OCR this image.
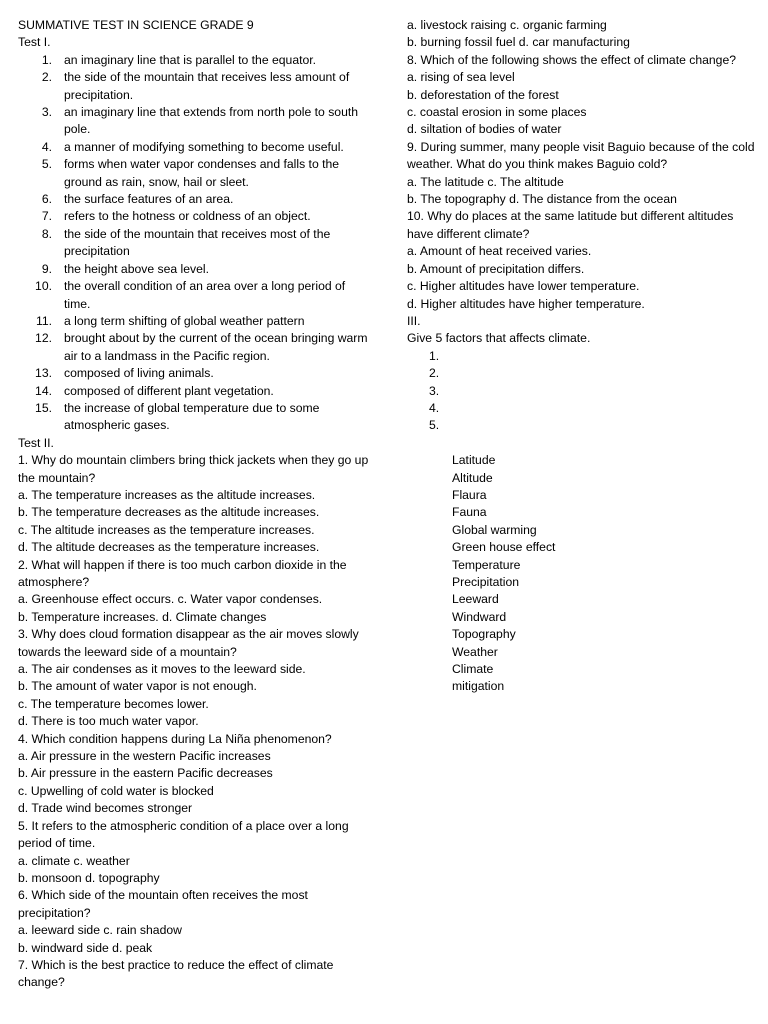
SUMMATIVE TEST IN SCIENCE GRADE 9
Test I.
1. an imaginary line that is parallel to the equator.
2. the side of the mountain that receives less amount of precipitation.
3. an imaginary line that extends from north pole to south pole.
4. a manner of modifying something to become useful.
5. forms when water vapor condenses and falls to the ground as rain, snow, hail or sleet.
6. the surface features of an area.
7. refers to the hotness or coldness of an object.
8. the side of the mountain that receives most of the precipitation
9. the height above sea level.
10. the overall condition of an area over a long period of time.
11. a long term shifting of global weather pattern
12. brought about by the current of the ocean bringing warm air to a landmass in the Pacific region.
13. composed of living animals.
14. composed of different plant vegetation.
15. the increase of global temperature due to some atmospheric gases.
Test II.
1. Why do mountain climbers bring thick jackets when they go up the mountain?
a. The temperature increases as the altitude increases.
b. The temperature decreases as the altitude increases.
c. The altitude increases as the temperature increases.
d. The altitude decreases as the temperature increases.
2. What will happen if there is too much carbon dioxide in the atmosphere?
a. Greenhouse effect occurs. c. Water vapor condenses.
b. Temperature increases. d. Climate changes
3. Why does cloud formation disappear as the air moves slowly towards the leeward side of a mountain?
a. The air condenses as it moves to the leeward side.
b. The amount of water vapor is not enough.
c. The temperature becomes lower.
d. There is too much water vapor.
4. Which condition happens during La Niña phenomenon?
a. Air pressure in the western Pacific increases
b. Air pressure in the eastern Pacific decreases
c. Upwelling of cold water is blocked
d. Trade wind becomes stronger
5. It refers to the atmospheric condition of a place over a long period of time.
a. climate c. weather
b. monsoon d. topography
6. Which side of the mountain often receives the most precipitation?
a. leeward side c. rain shadow
b. windward side d. peak
7. Which is the best practice to reduce the effect of climate change?
a. livestock raising c. organic farming
b. burning fossil fuel d. car manufacturing
8. Which of the following shows the effect of climate change?
a. rising of sea level
b. deforestation of the forest
c. coastal erosion in some places
d. siltation of bodies of water
9. During summer, many people visit Baguio because of the cold weather. What do you think makes Baguio cold?
a. The latitude c. The altitude
b. The topography d. The distance from the ocean
10. Why do places at the same latitude but different altitudes have different climate?
a. Amount of heat received varies.
b. Amount of precipitation differs.
c. Higher altitudes have lower temperature.
d. Higher altitudes have higher temperature.
III.
Give 5 factors that affects climate.
1.
2.
3.
4.
5.
Latitude
Altitude
Flaura
Fauna
Global warming
Green house effect
Temperature
Precipitation
Leeward
Windward
Topography
Weather
Climate
mitigation
